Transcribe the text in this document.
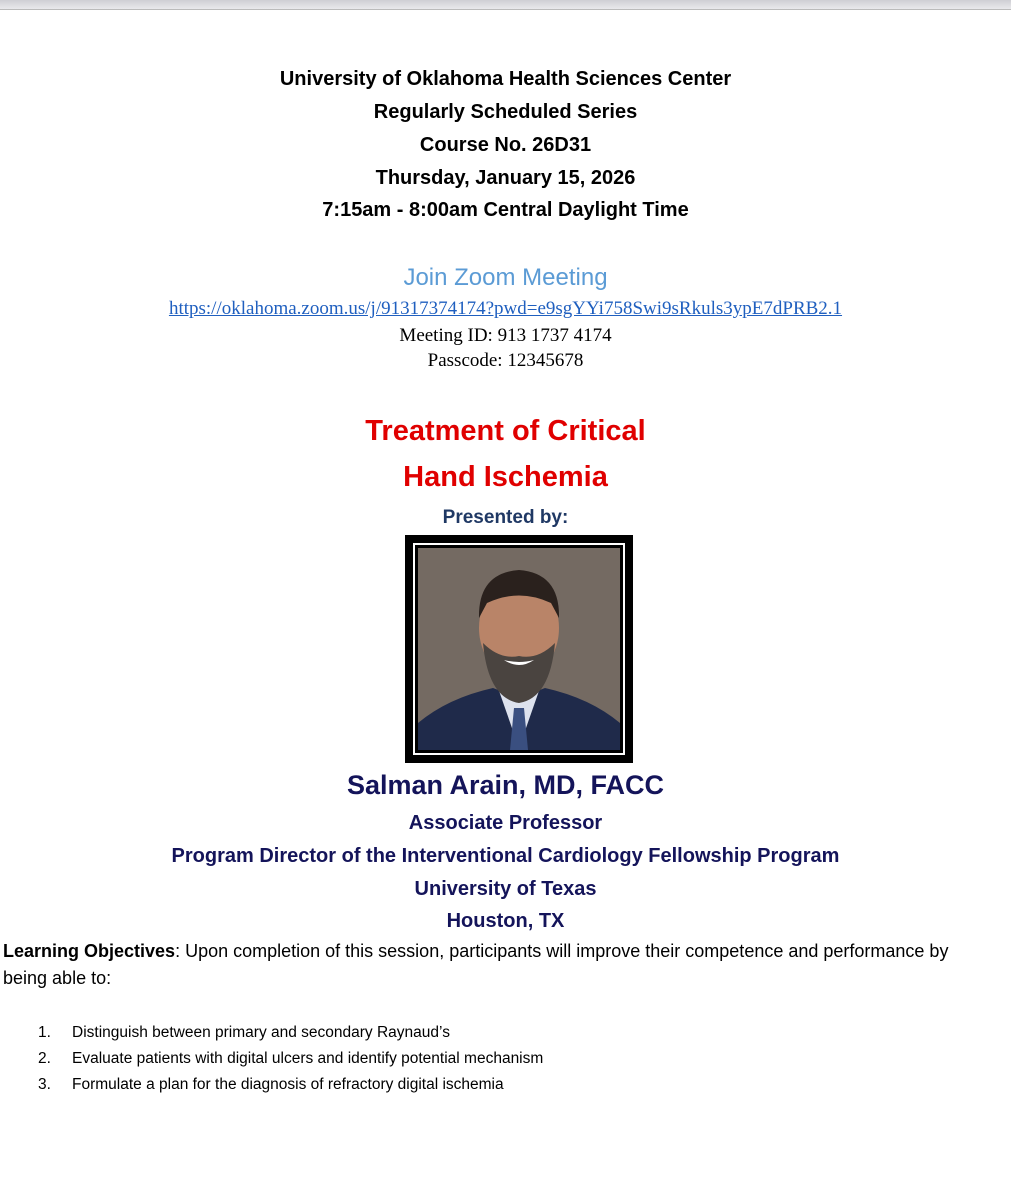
University of Oklahoma Health Sciences Center
Regularly Scheduled Series
Course No. 26D31
Thursday, January 15, 2026
7:15am - 8:00am Central Daylight Time
Join Zoom Meeting
https://oklahoma.zoom.us/j/91317374174?pwd=e9sgYYi758Swi9sRkuls3ypE7dPRB2.1
Meeting ID: 913 1737 4174
Passcode: 12345678
Treatment of Critical
Hand Ischemia
Presented by:
Salman Arain, MD, FACC
Associate Professor
Program Director of the Interventional Cardiology Fellowship Program
University of Texas
Houston, TX
Learning Objectives: Upon completion of this session, participants will improve their competence and performance by being able to:
1. Distinguish between primary and secondary Raynaud’s
2. Evaluate patients with digital ulcers and identify potential mechanism
3. Formulate a plan for the diagnosis of refractory digital ischemia
